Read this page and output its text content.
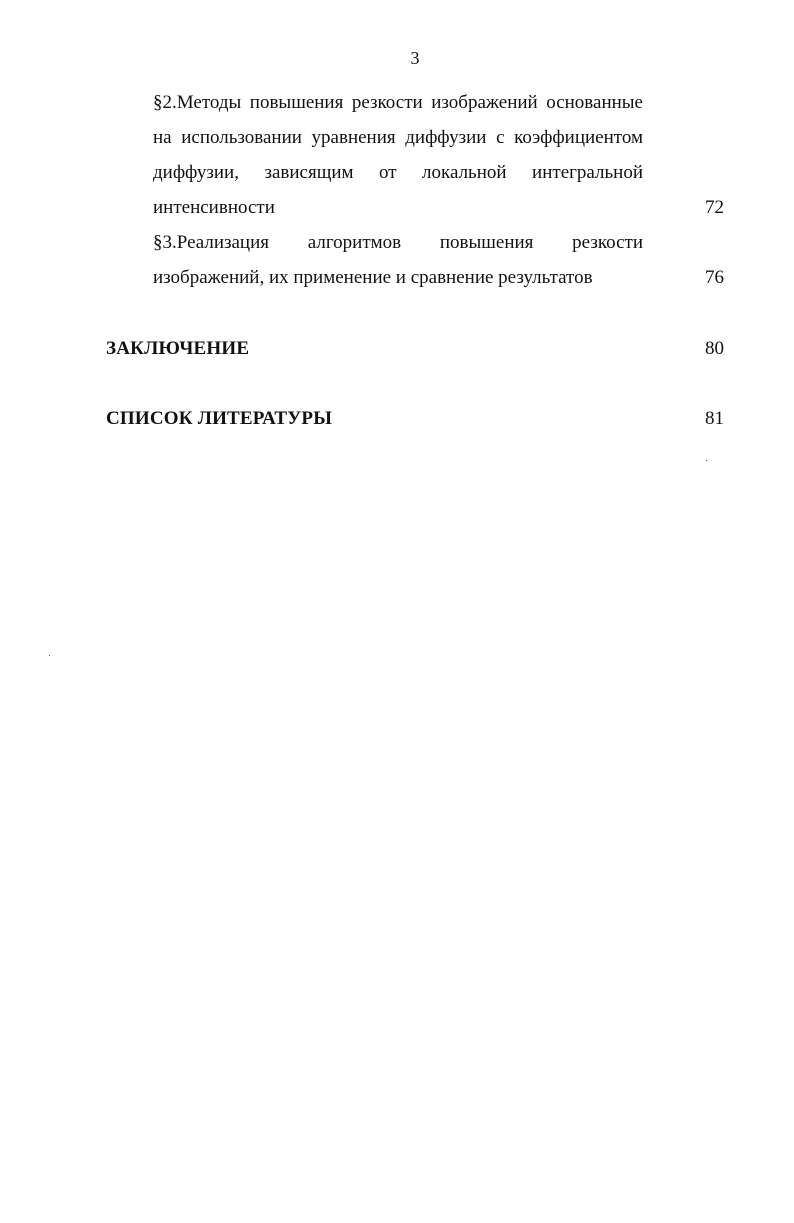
3
§2.Методы повышения резкости изображений основанные
на использовании уравнения диффузии с коэффициентом
диффузии, зависящим от локальной интегральной
интенсивности	72
§3.Реализация алгоритмов повышения резкости
изображений, их применение и сравнение результатов	76
ЗАКЛЮЧЕНИЕ	80
СПИСОК ЛИТЕРАТУРЫ	81
